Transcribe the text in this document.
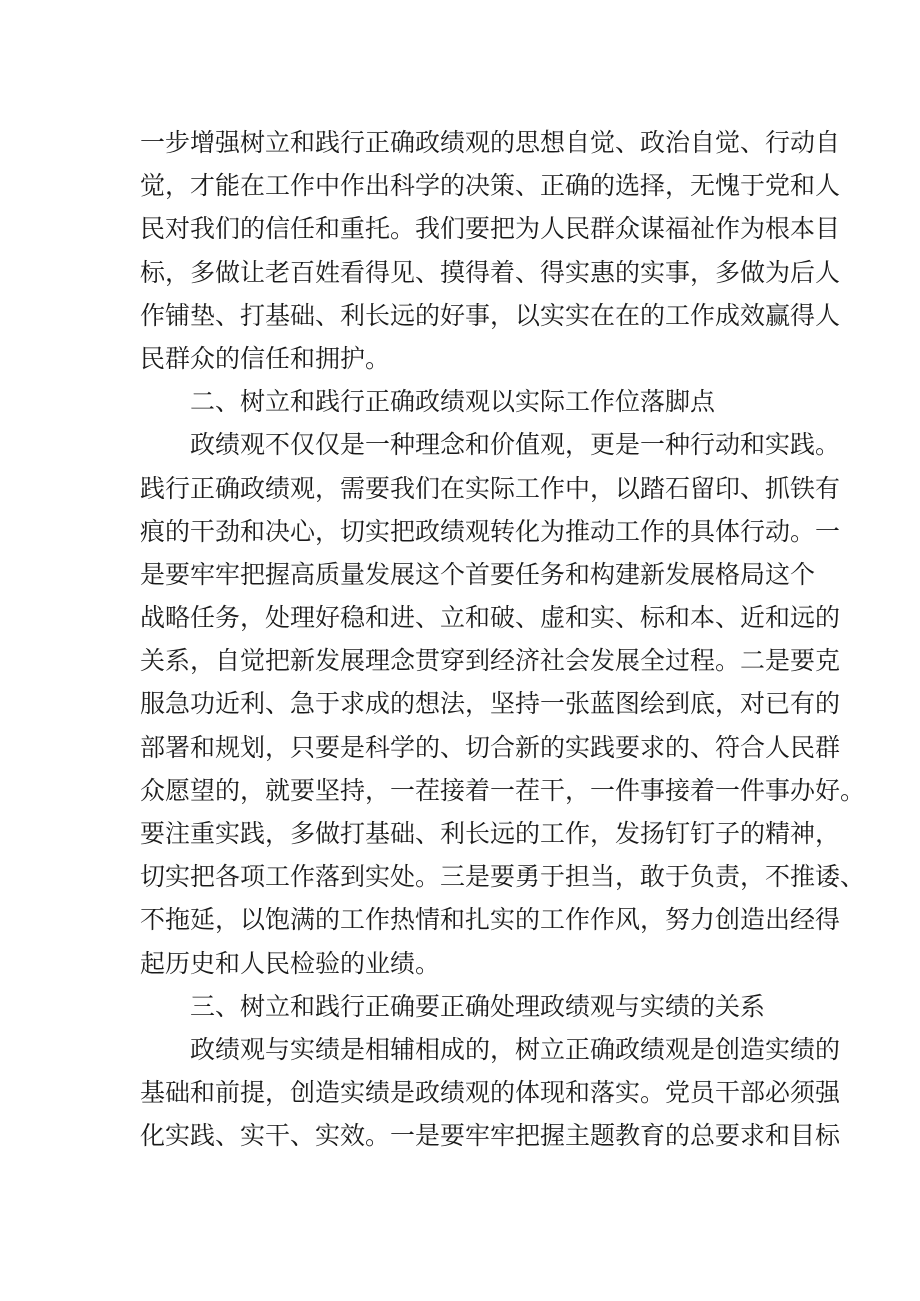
一步增强树立和践行正确政绩观的思想自觉、政治自觉、行动自
觉，才能在工作中作出科学的决策、正确的选择，无愧于党和人
民对我们的信任和重托。我们要把为人民群众谋福祉作为根本目
标，多做让老百姓看得见、摸得着、得实惠的实事，多做为后人
作铺垫、打基础、利长远的好事，以实实在在的工作成效赢得人
民群众的信任和拥护。
二、树立和践行正确政绩观以实际工作位落脚点
政绩观不仅仅是一种理念和价值观，更是一种行动和实践。
践行正确政绩观，需要我们在实际工作中，以踏石留印、抓铁有
痕的干劲和决心，切实把政绩观转化为推动工作的具体行动。一
是要牢牢把握高质量发展这个首要任务和构建新发展格局这个
战略任务，处理好稳和进、立和破、虚和实、标和本、近和远的
关系，自觉把新发展理念贯穿到经济社会发展全过程。二是要克
服急功近利、急于求成的想法，坚持一张蓝图绘到底，对已有的
部署和规划，只要是科学的、切合新的实践要求的、符合人民群
众愿望的，就要坚持，一茬接着一茬干，一件事接着一件事办好。
要注重实践，多做打基础、利长远的工作，发扬钉钉子的精神，
切实把各项工作落到实处。三是要勇于担当，敢于负责，不推诿、
不拖延，以饱满的工作热情和扎实的工作作风，努力创造出经得
起历史和人民检验的业绩。
三、树立和践行正确要正确处理政绩观与实绩的关系
政绩观与实绩是相辅相成的，树立正确政绩观是创造实绩的
基础和前提，创造实绩是政绩观的体现和落实。党员干部必须强
化实践、实干、实效。一是要牢牢把握主题教育的总要求和目标
